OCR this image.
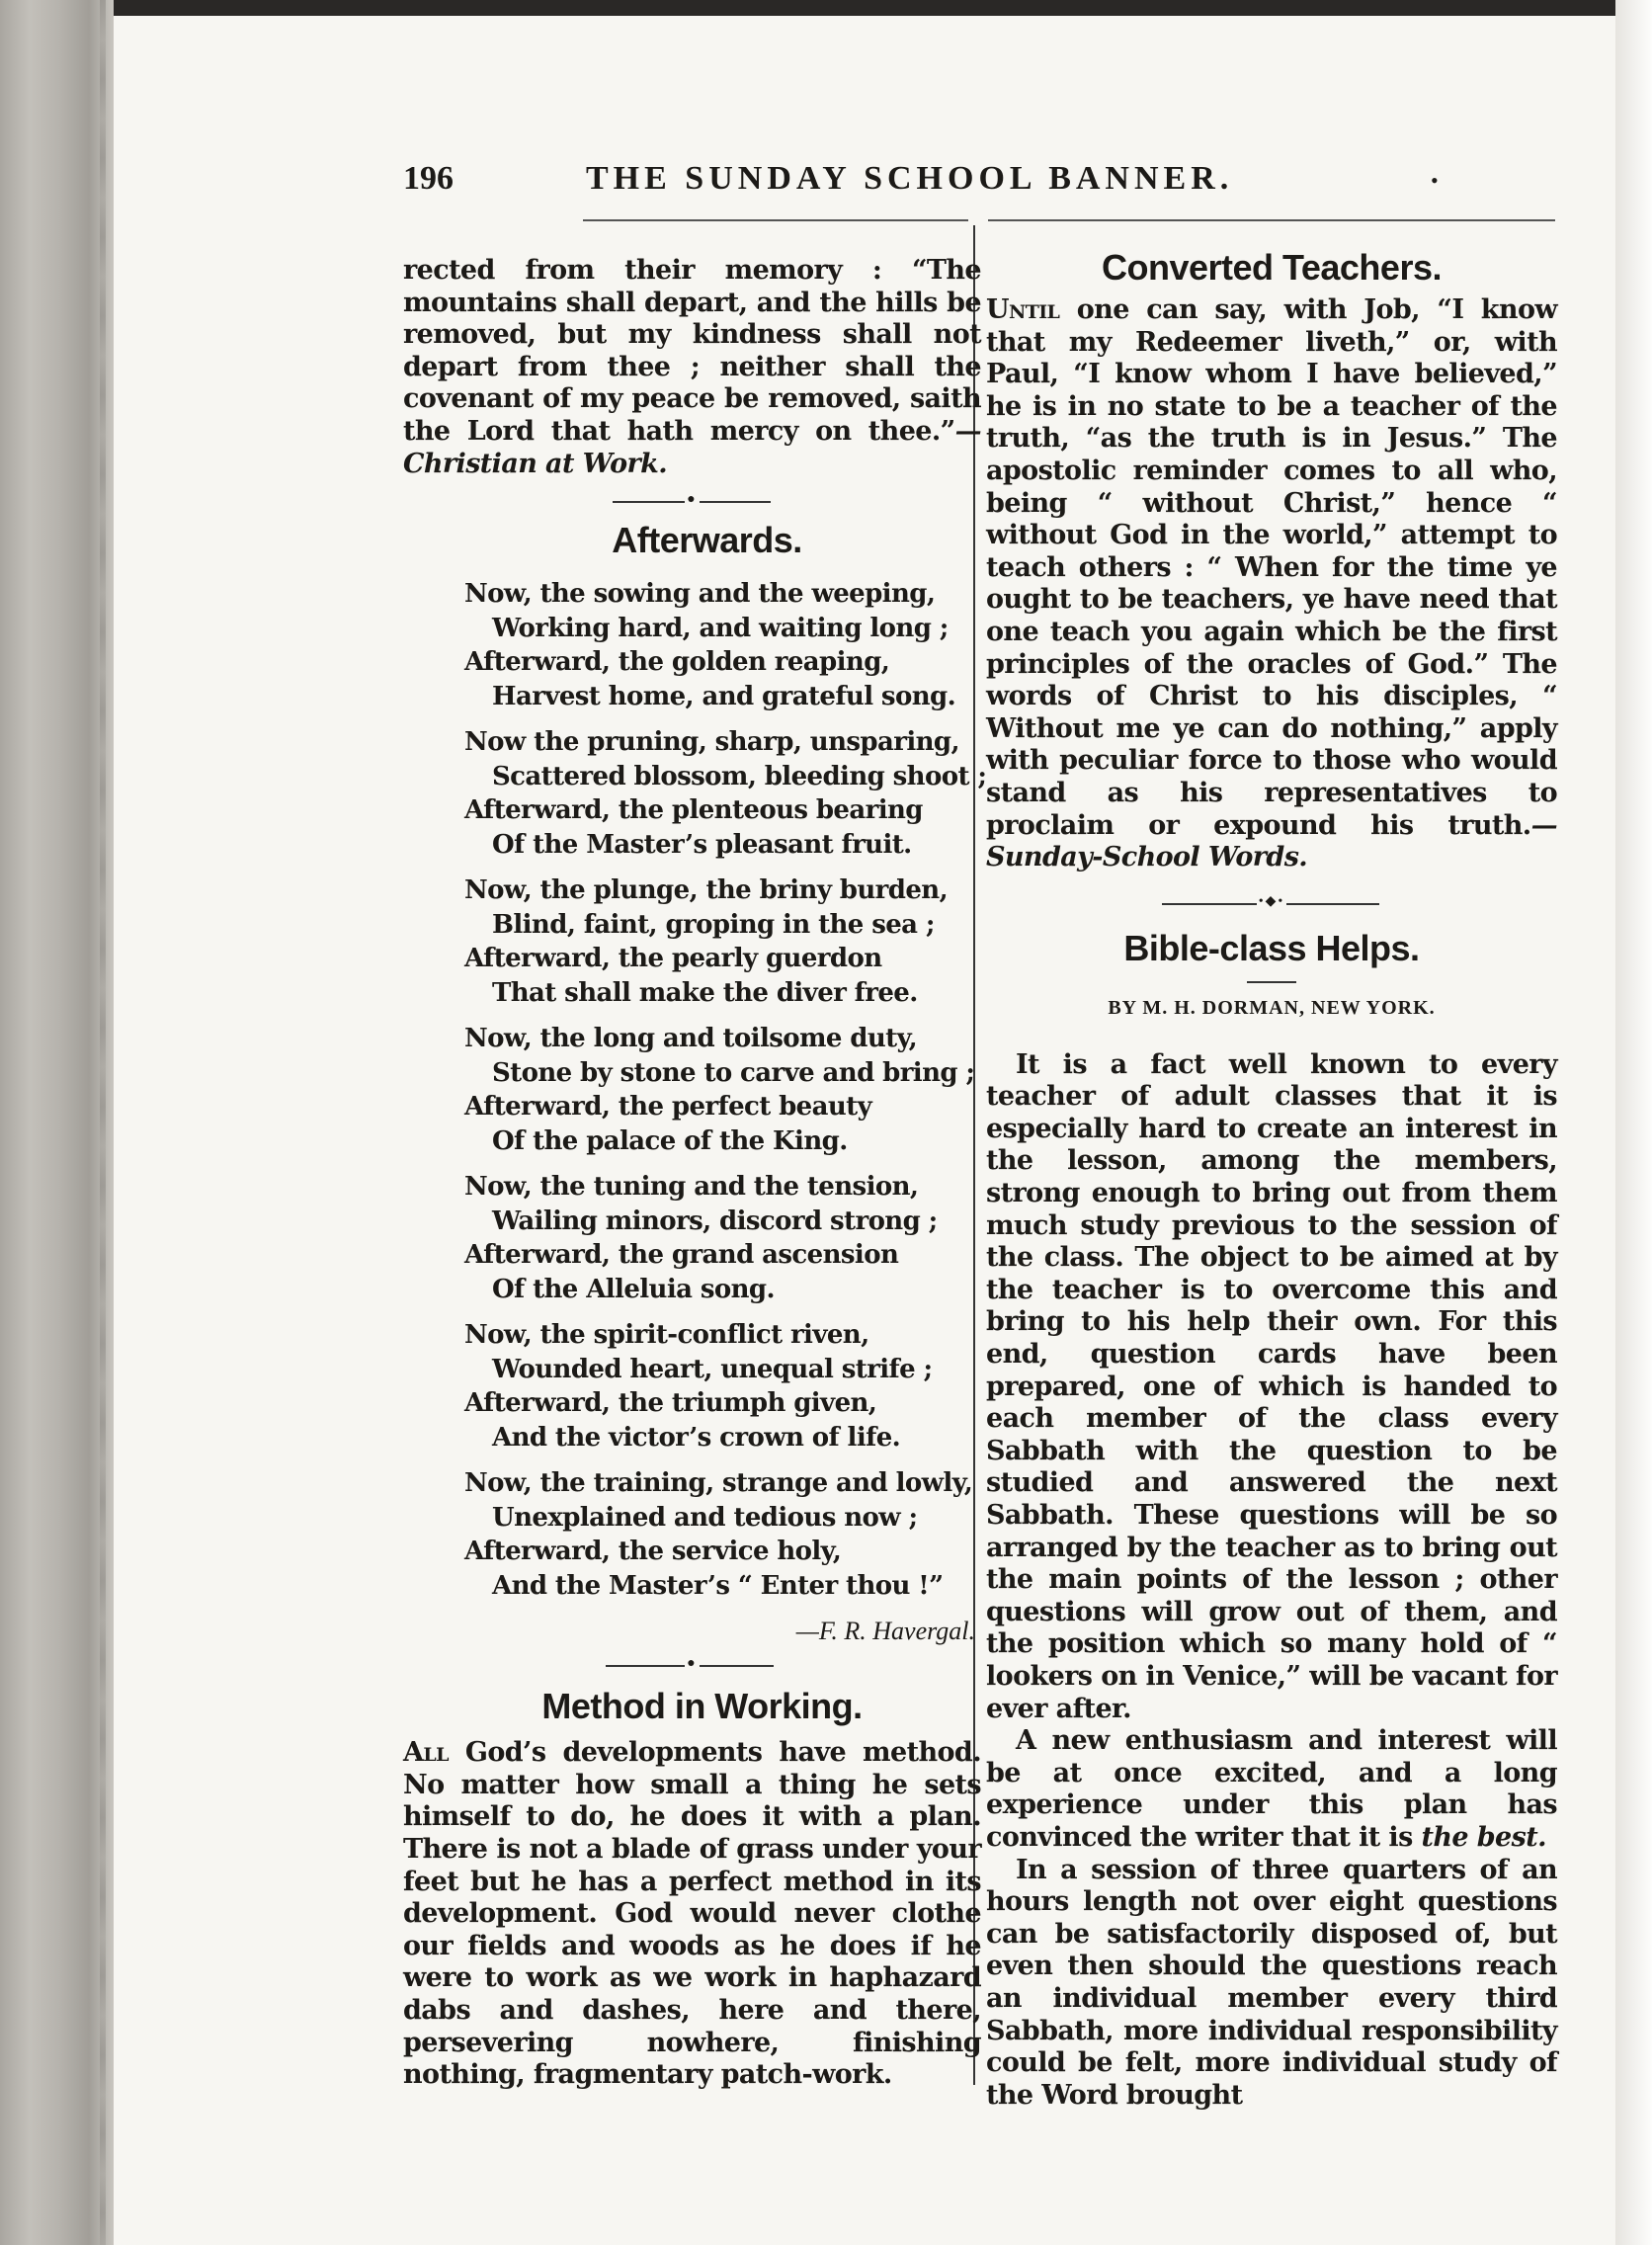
196	THE SUNDAY SCHOOL BANNER.	•

rected from their memory : “The mountains shall depart, and the hills be removed, but my kindness shall not depart from thee ; neither shall the covenant of my peace be removed, saith the Lord that hath mercy on thee.”—Christian at Work.

●
Afterwards.
Now, the sowing and the weeping,
Working hard, and waiting long ;
Afterward, the golden reaping,
Harvest home, and grateful song.
Now the pruning, sharp, unsparing,
Scattered blossom, bleeding shoot ;
Afterward, the plenteous bearing
Of the Master’s pleasant fruit.
Now, the plunge, the briny burden,
Blind, faint, groping in the sea ;
Afterward, the pearly guerdon
That shall make the diver free.
Now, the long and toilsome duty,
Stone by stone to carve and bring ;
Afterward, the perfect beauty
Of the palace of the King.
Now, the tuning and the tension,
Wailing minors, discord strong ;
Afterward, the grand ascension
Of the Alleluia song.
Now, the spirit-conflict riven,
Wounded heart, unequal strife ;
Afterward, the triumph given,
And the victor’s crown of life.
Now, the training, strange and lowly,
Unexplained and tedious now ;
Afterward, the service holy,
And the Master’s “ Enter thou !”
—F. R. Havergal.
●
Method in Working.

All God’s developments have method. No matter how small a thing he sets himself to do, he does it with a plan. There is not a blade of grass under your feet but he has a perfect method in its development. God would never clothe our fields and woods as he does if he were to work as we work in haphazard dabs and dashes, here and there, persevering nowhere, finishing nothing, fragmentary patch-work.

Converted Teachers.

Until one can say, with Job, “I know that my Redeemer liveth,” or, with Paul, “I know whom I have believed,” he is in no state to be a teacher of the truth, “as the truth is in Jesus.” The apostolic reminder comes to all who, being “ without Christ,” hence “ without God in the world,” attempt to teach others : “ When for the time ye ought to be teachers, ye have need that one teach you again which be the first principles of the oracles of God.” The words of Christ to his disciples, “ Without me ye can do nothing,” apply with peculiar force to those who would stand as his representatives to proclaim or expound his truth.—Sunday-School Words.

•◆•
Bible-class Helps.
BY M. H. DORMAN, NEW YORK.

It is a fact well known to every teacher of adult classes that it is especially hard to create an interest in the lesson, among the members, strong enough to bring out from them much study previous to the session of the class. The object to be aimed at by the teacher is to overcome this and bring to his help their own. For this end, question cards have been prepared, one of which is handed to each member of the class every Sabbath with the question to be studied and answered the next Sabbath. These questions will be so arranged by the teacher as to bring out the main points of the lesson ; other questions will grow out of them, and the position which so many hold of “ lookers on in Venice,” will be vacant for ever after.

A new enthusiasm and interest will be at once excited, and a long experience under this plan has convinced the writer that it is the best.

In a session of three quarters of an hours length not over eight questions can be satisfactorily disposed of, but even then should the questions reach an individual member every third Sabbath, more individual responsibility could be felt, more individual study of the Word brought
